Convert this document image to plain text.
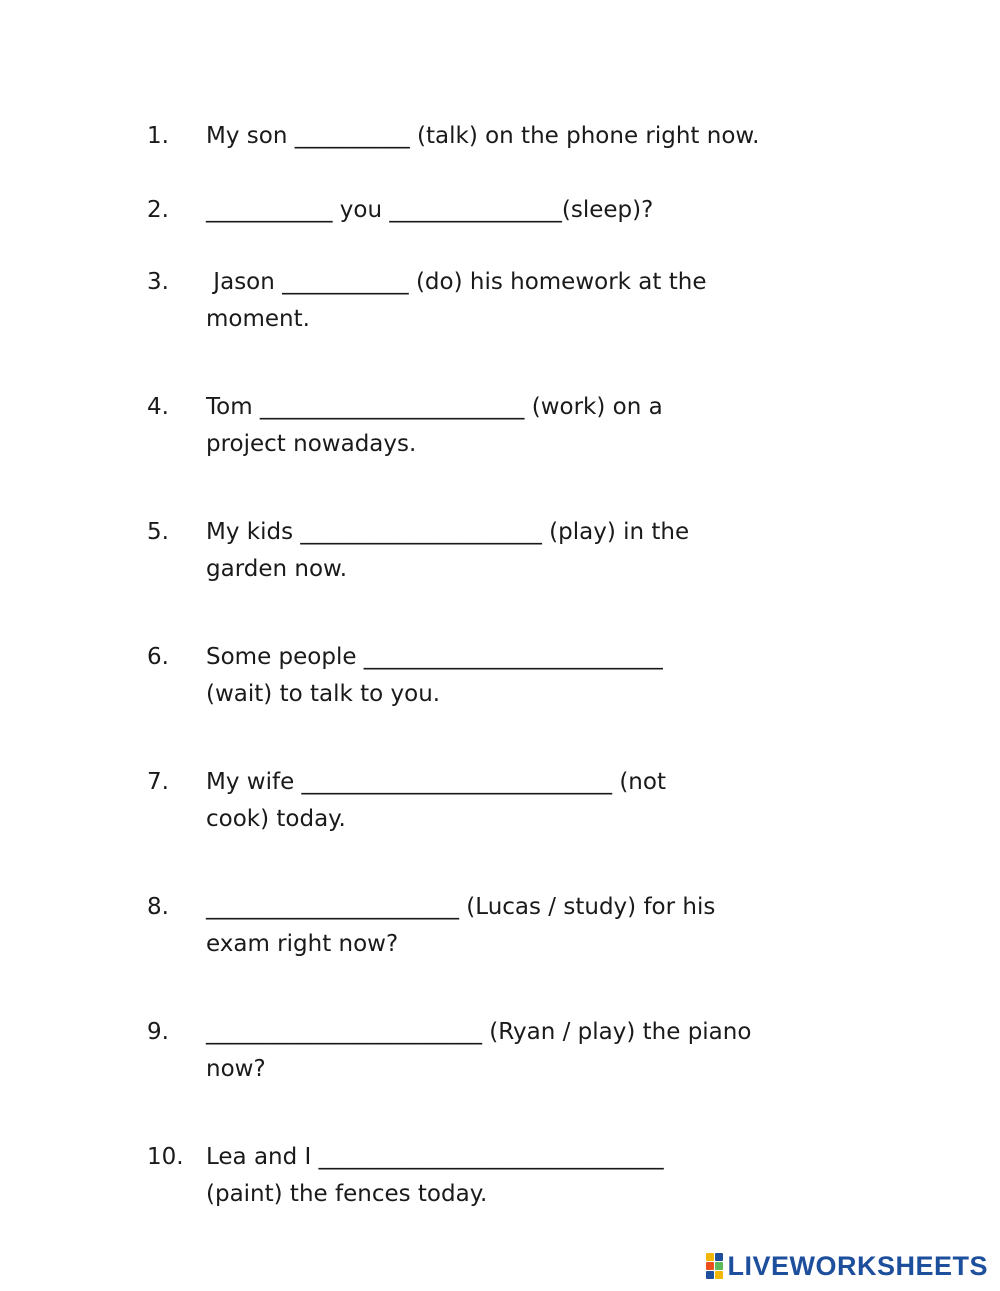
1.	My son __________ (talk) on the phone right now.
2.	___________ you _______________(sleep)?
3.	Jason ___________ (do) his homework at the
moment.
4.	Tom _______________________ (work) on a
project nowadays.
5.	My kids _____________________ (play) in the
garden now.
6.	Some people __________________________
(wait) to talk to you.
7.	My wife ___________________________ (not
cook) today.
8.	______________________ (Lucas / study) for his
exam right now?
9.	________________________ (Ryan / play) the piano
now?
10. Lea and I ______________________________
(paint) the fences today.
LIVEWORKSHEETS
